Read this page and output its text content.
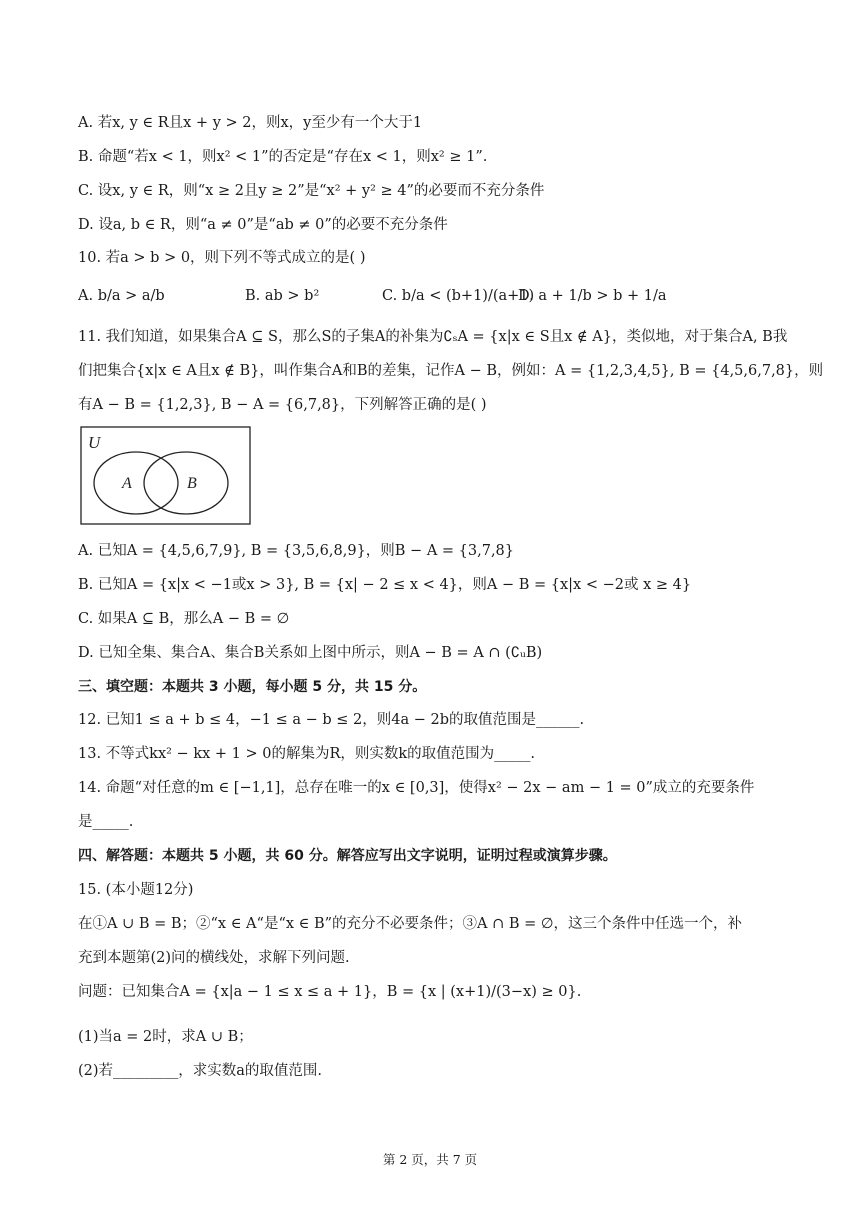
A. 若x, y ∈ R且x + y > 2，则x，y至少有一个大于1
B. 命题“若x < 1，则x² < 1”的否定是“存在x < 1，则x² ≥ 1”.
C. 设x, y ∈ R，则“x ≥ 2且y ≥ 2”是“x² + y² ≥ 4”的必要而不充分条件
D. 设a, b ∈ R，则“a ≠ 0”是“ab ≠ 0”的必要不充分条件
10. 若a > b > 0，则下列不等式成立的是( )
A. b/a > a/b	B. ab > b²	C. b/a < (b+1)/(a+1)
D. a + 1/b > b + 1/a
11. 我们知道，如果集合A ⊆ S，那么S的子集A的补集为∁ₛA = {x|x ∈ S且x ∉ A}，类似地，对于集合A, B我
们把集合{x|x ∈ A且x ∉ B}，叫作集合A和B的差集，记作A − B，例如：A = {1,2,3,4,5}, B = {4,5,6,7,8}，则
有A − B = {1,2,3}, B − A = {6,7,8}，下列解答正确的是( )
U
A	B
A. 已知A = {4,5,6,7,9}, B = {3,5,6,8,9}，则B − A = {3,7,8}
B. 已知A = {x|x < −1或x > 3}, B = {x| − 2 ≤ x < 4}，则A − B = {x|x < −2或 x ≥ 4}
C. 如果A ⊆ B，那么A − B = ∅
D. 已知全集、集合A、集合B关系如上图中所示，则A − B = A ∩ (∁ᵤB)
三、填空题：本题共 3 小题，每小题 5 分，共 15 分。
12. 已知1 ≤ a + b ≤ 4，−1 ≤ a − b ≤ 2，则4a − 2b的取值范围是______.
13. 不等式kx² − kx + 1 > 0的解集为R，则实数k的取值范围为_____.
14. 命题“对任意的m ∈ [−1,1]，总存在唯一的x ∈ [0,3]，使得x² − 2x − am − 1 = 0”成立的充要条件
是_____.
四、解答题：本题共 5 小题，共 60 分。解答应写出文字说明，证明过程或演算步骤。
15. (本小题12分)
在①A ∪ B = B；②“x ∈ A“是“x ∈ B”的充分不必要条件；③A ∩ B = ∅，这三个条件中任选一个，补
充到本题第(2)问的横线处，求解下列问题.
问题：已知集合A = {x|a − 1 ≤ x ≤ a + 1}，B = {x | (x+1)/(3−x) ≥ 0}.
(1)当a = 2时，求A ∪ B；
(2)若_________，求实数a的取值范围.
第 2 页，共 7 页
